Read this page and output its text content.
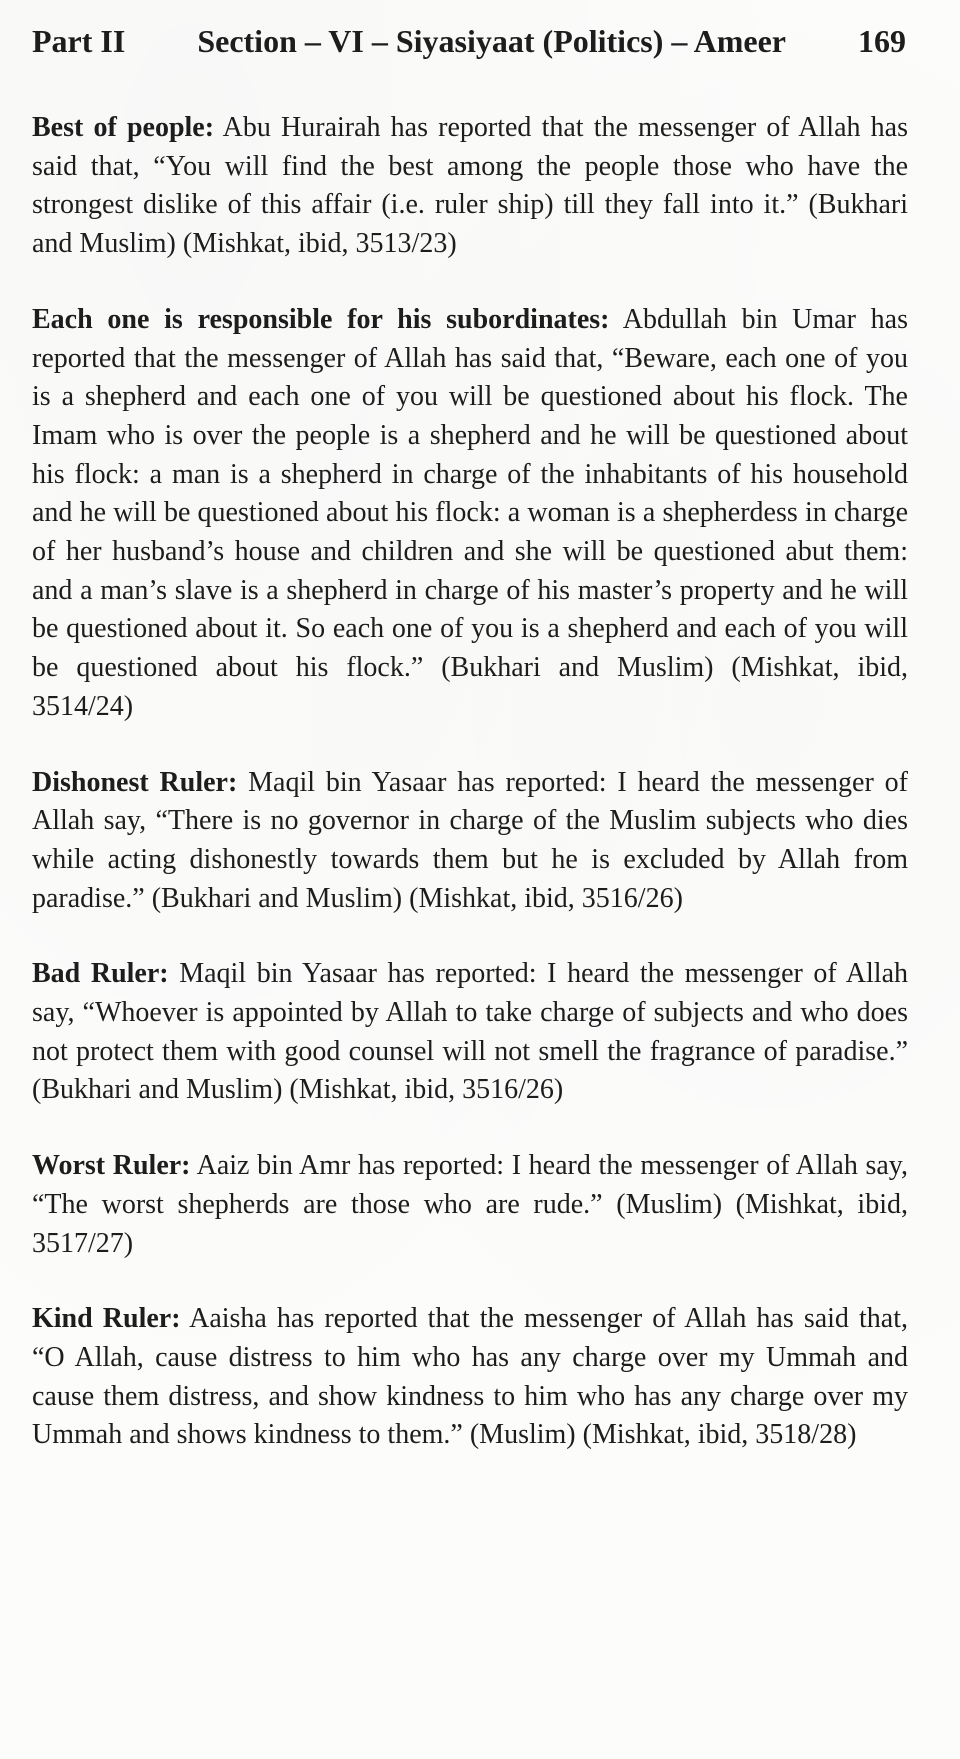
Part II	Section – VI – Siyasiyaat (Politics) – Ameer	169

Best of people: Abu Hurairah has reported that the messenger of Allah has said that, “You will find the best among the people those who have the strongest dislike of this affair (i.e. ruler ship) till they fall into it.” (Bukhari and Muslim) (Mishkat, ibid, 3513/23)

Each one is responsible for his subordinates: Abdullah bin Umar has reported that the messenger of Allah has said that, “Beware, each one of you is a shepherd and each one of you will be questioned about his flock. The Imam who is over the people is a shepherd and he will be questioned about his flock: a man is a shepherd in charge of the inhabitants of his household and he will be questioned about his flock: a woman is a shepherdess in charge of her husband’s house and children and she will be questioned abut them: and a man’s slave is a shepherd in charge of his master’s property and he will be questioned about it. So each one of you is a shepherd and each of you will be questioned about his flock.” (Bukhari and Muslim) (Mishkat, ibid, 3514/24)

Dishonest Ruler: Maqil bin Yasaar has reported: I heard the messenger of Allah say, “There is no governor in charge of the Muslim subjects who dies while acting dishonestly towards them but he is excluded by Allah from paradise.” (Bukhari and Muslim) (Mishkat, ibid, 3516/26)

Bad Ruler: Maqil bin Yasaar has reported: I heard the messenger of Allah say, “Whoever is appointed by Allah to take charge of subjects and who does not protect them with good counsel will not smell the fragrance of paradise.” (Bukhari and Muslim) (Mishkat, ibid, 3516/26)

Worst Ruler: Aaiz bin Amr has reported: I heard the messenger of Allah say, “The worst shepherds are those who are rude.” (Muslim) (Mishkat, ibid, 3517/27)

Kind Ruler: Aaisha has reported that the messenger of Allah has said that, “O Allah, cause distress to him who has any charge over my Ummah and cause them distress, and show kindness to him who has any charge over my Ummah and shows kindness to them.” (Muslim) (Mishkat, ibid, 3518/28)
